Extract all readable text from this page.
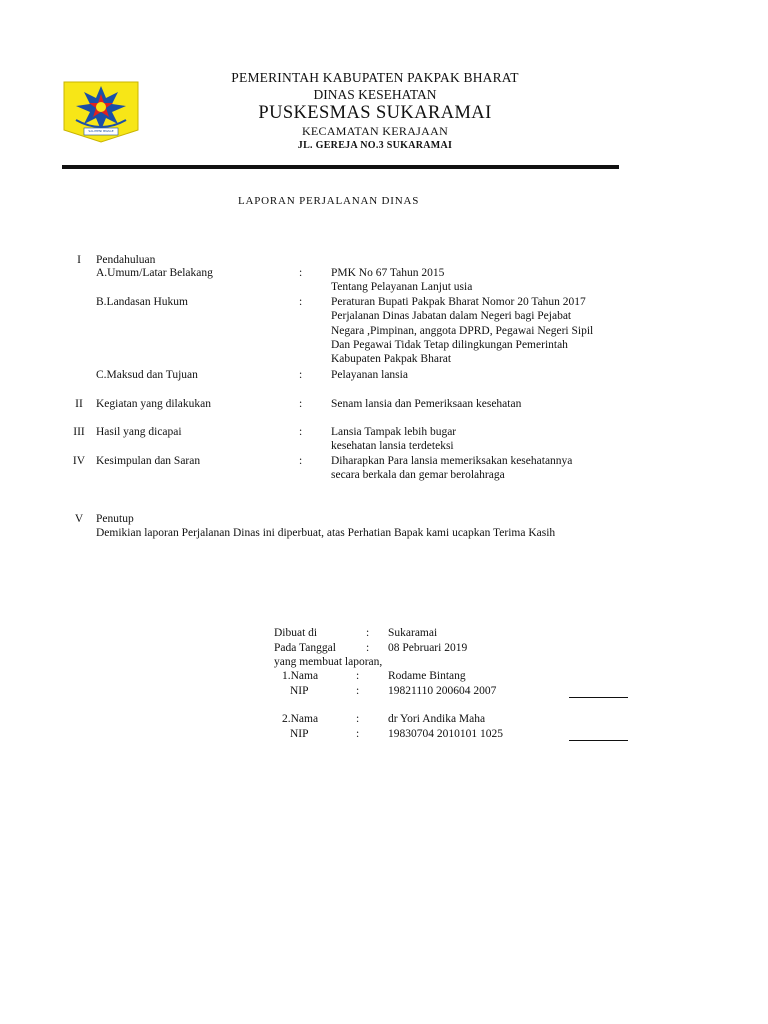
SALIHENI BNAGE
PEMERINTAH KABUPATEN PAKPAK BHARAT
DINAS KESEHATAN
PUSKESMAS SUKARAMAI
KECAMATAN KERAJAAN
JL. GEREJA NO.3 SUKARAMAI
LAPORAN PERJALANAN DINAS
I	Pendahuluan
A.Umum/Latar Belakang	:	PMK No 67 Tahun 2015
Tentang Pelayanan Lanjut usia
B.Landasan Hukum	:	Peraturan Bupati Pakpak Bharat Nomor 20 Tahun 2017
Perjalanan Dinas Jabatan dalam Negeri bagi Pejabat
Negara ,Pimpinan, anggota DPRD, Pegawai Negeri Sipil
Dan Pegawai Tidak Tetap dilingkungan Pemerintah
Kabupaten Pakpak Bharat
C.Maksud dan Tujuan	:	Pelayanan lansia
II	Kegiatan yang dilakukan	:	Senam lansia dan Pemeriksaan kesehatan
III Hasil yang dicapai	:	Lansia Tampak lebih bugar
kesehatan lansia terdeteksi
IV Kesimpulan dan Saran	:	Diharapkan Para lansia memeriksakan kesehatannya
secara berkala dan gemar berolahraga
V	Penutup
Demikian laporan Perjalanan Dinas ini diperbuat, atas Perhatian Bapak kami ucapkan Terima Kasih
Dibuat di	: Sukaramai
Pada Tanggal	: 08 Pebruari 2019
yang membuat laporan,
1.Nama	:	Rodame Bintang
NIP	:	19821110 200604 2007
2.Nama	:	dr Yori Andika Maha
NIP	:	19830704 2010101 1025
